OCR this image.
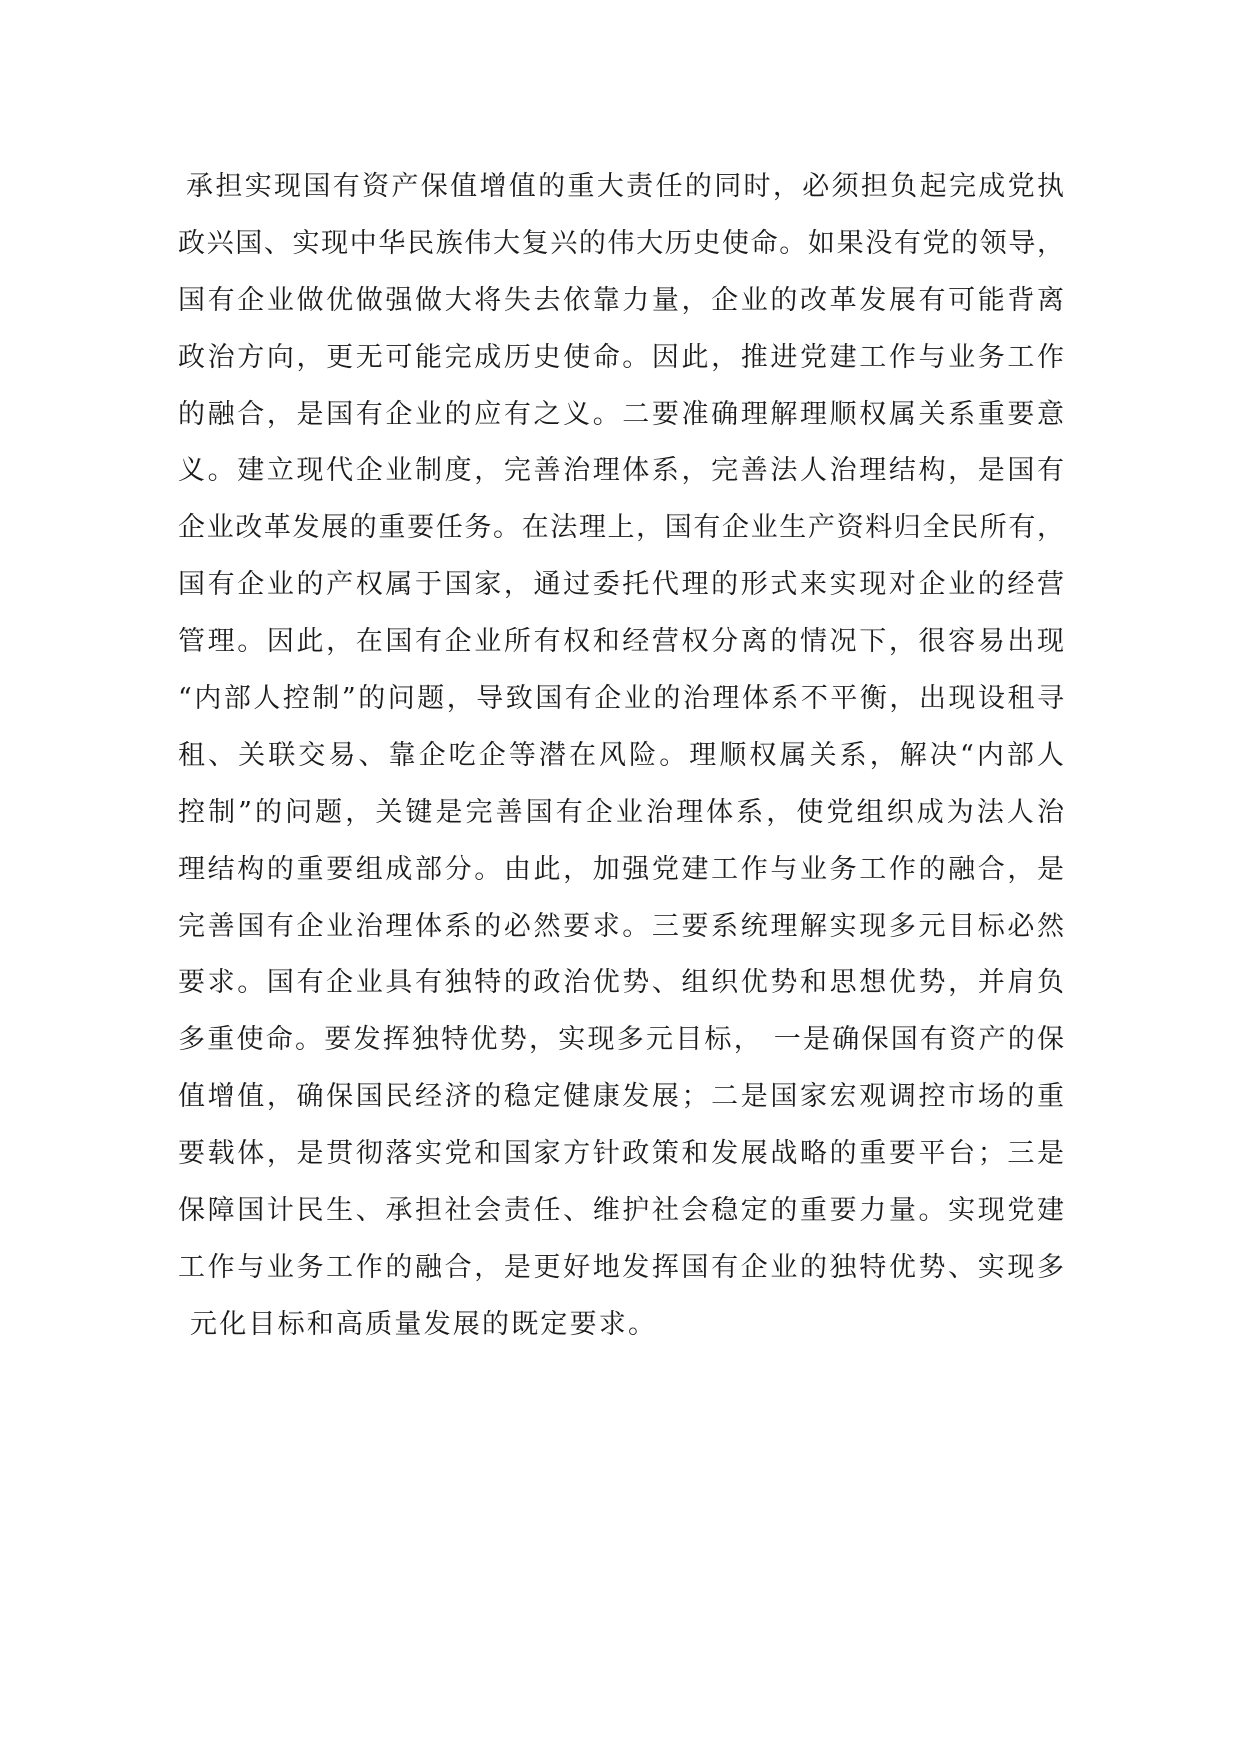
承担实现国有资产保值增值的重大责任的同时，必须担负起完成党执
政兴国、实现中华民族伟大复兴的伟大历史使命。如果没有党的领导，
国有企业做优做强做大将失去依靠力量，企业的改革发展有可能背离
政治方向，更无可能完成历史使命。因此，推进党建工作与业务工作
的融合，是国有企业的应有之义。二要准确理解理顺权属关系重要意
义。建立现代企业制度，完善治理体系，完善法人治理结构，是国有
企业改革发展的重要任务。在法理上，国有企业生产资料归全民所有，
国有企业的产权属于国家，通过委托代理的形式来实现对企业的经营
管理。因此，在国有企业所有权和经营权分离的情况下，很容易出现
“内部人控制”的问题，导致国有企业的治理体系不平衡，出现设租寻
租、关联交易、靠企吃企等潜在风险。理顺权属关系，解决“内部人
控制”的问题，关键是完善国有企业治理体系，使党组织成为法人治
理结构的重要组成部分。由此，加强党建工作与业务工作的融合，是
完善国有企业治理体系的必然要求。三要系统理解实现多元目标必然
要求。国有企业具有独特的政治优势、组织优势和思想优势，并肩负
多重使命。要发挥独特优势，实现多元目标， 一是确保国有资产的保
值增值，确保国民经济的稳定健康发展；二是国家宏观调控市场的重
要载体，是贯彻落实党和国家方针政策和发展战略的重要平台；三是
保障国计民生、承担社会责任、维护社会稳定的重要力量。实现党建
工作与业务工作的融合，是更好地发挥国有企业的独特优势、实现多
元化目标和高质量发展的既定要求。
